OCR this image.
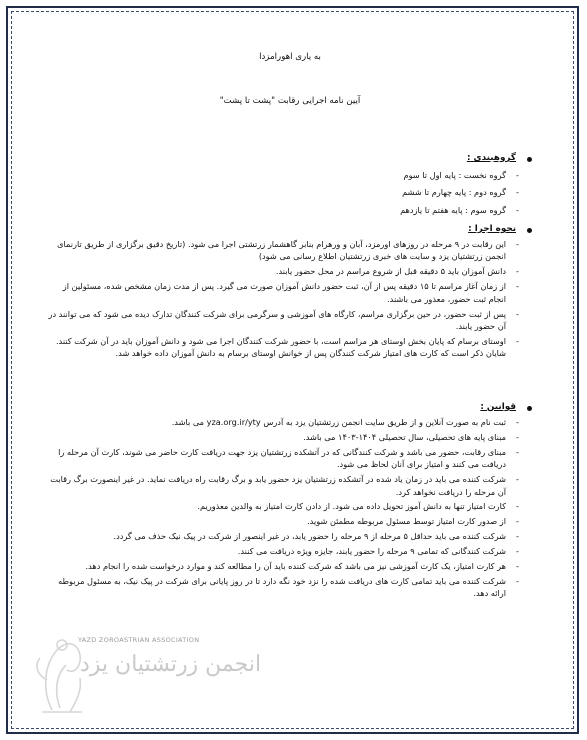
به یاری اهورامزدا
آیین نامه اجرایی رقابت "پشت تا پشت"
گروهبندی :
- گروه نخست : پایه اول تا سوم
- گروه دوم : پایه چهارم تا ششم
- گروه سوم : پایه هفتم تا یازدهم
نحوه اجرا :
- این رقابت در ۹ مرحله در روزهای اورمزد، آبان و ورهرام بنابر گاهشمار زرتشتی اجرا می شود. (تاریخ دقیق برگزاری از طریق تارنمای انجمن زرتشتیان یزد و سایت های خبری زرتشتیان اطلاع رسانی می شود)
- دانش آموزان باید ۵ دقیقه قبل از شروع مراسم در محل حضور یابند.
- از زمان آغاز مراسم تا ۱۵ دقیقه پس از آن، ثبت حضور دانش آموزان صورت می گیرد. پس از مدت زمان مشخص شده، مسئولین از انجام ثبت حضور، معذور می باشند.
- پس از ثبت حضور، در حین برگزاری مراسم، کارگاه های آموزشی و سرگرمی برای شرکت کنندگان تدارک دیده می شود که می توانند در آن حضور یابند.
- اوستای برسام که پایان بخش اوستای هر مراسم است، با حضور شرکت کنندگان اجرا می شود و دانش آموزان باید در آن شرکت کنند. شایان ذکر است که کارت های امتیاز شرکت کنندگان پس از خوانش اوستای برسام به دانش آموزان داده خواهد شد.
قوانین :
- ثبت نام به صورت آنلاین و از طریق سایت انجمن زرتشتیان یزد به آدرس yza.org.ir/yty می باشد.
- مبنای پایه های تحصیلی، سال تحصیلی ۱۴۰۴-۱۴۰۳ می باشد.
- مبنای رقابت، حضور می باشد و شرکت کنندگانی که در آتشکده زرتشتیان یزد جهت دریافت کارت حاضر می شوند، کارت آن مرحله را دریافت می کنند و امتیاز برای آنان لحاظ می شود.
- شرکت کننده می باید در زمان یاد شده در آتشکده زرتشتیان یزد حضور یابد و برگ رقابت راه دریافت نماید. در غیر اینصورت برگ رقابت آن مرحله را دریافت نخواهد کرد.
- کارت امتیاز تنها به دانش آموز تحویل داده می شود. از دادن کارت امتیاز به والدین معذوریم.
- از صدور کارت امتیاز توسط مسئول مربوطه مطمئن شوید.
- شرکت کننده می باید حداقل ۵ مرحله از ۹ مرحله را حضور یابد، در غیر اینصور از شرکت در پیک نیک حذف می گردد.
- شرکت کنندگانی که تمامی ۹ مرحله را حضور یابند، جایزه ویژه دریافت می کنند.
- هر کارت امتیاز، یک کارت آموزشی نیز می باشد که شرکت کننده باید آن را مطالعه کند و موارد درخواست شده را انجام دهد.
- شرکت کننده می باید تمامی کارت های دریافت شده را نزد خود نگه دارد تا در روز پایانی برای شرکت در پیک نیک، به مسئول مربوطه ارائه دهد.
YAZD ZOROASTRIAN ASSOCIATION
انجمن زرتشتیان یزد
